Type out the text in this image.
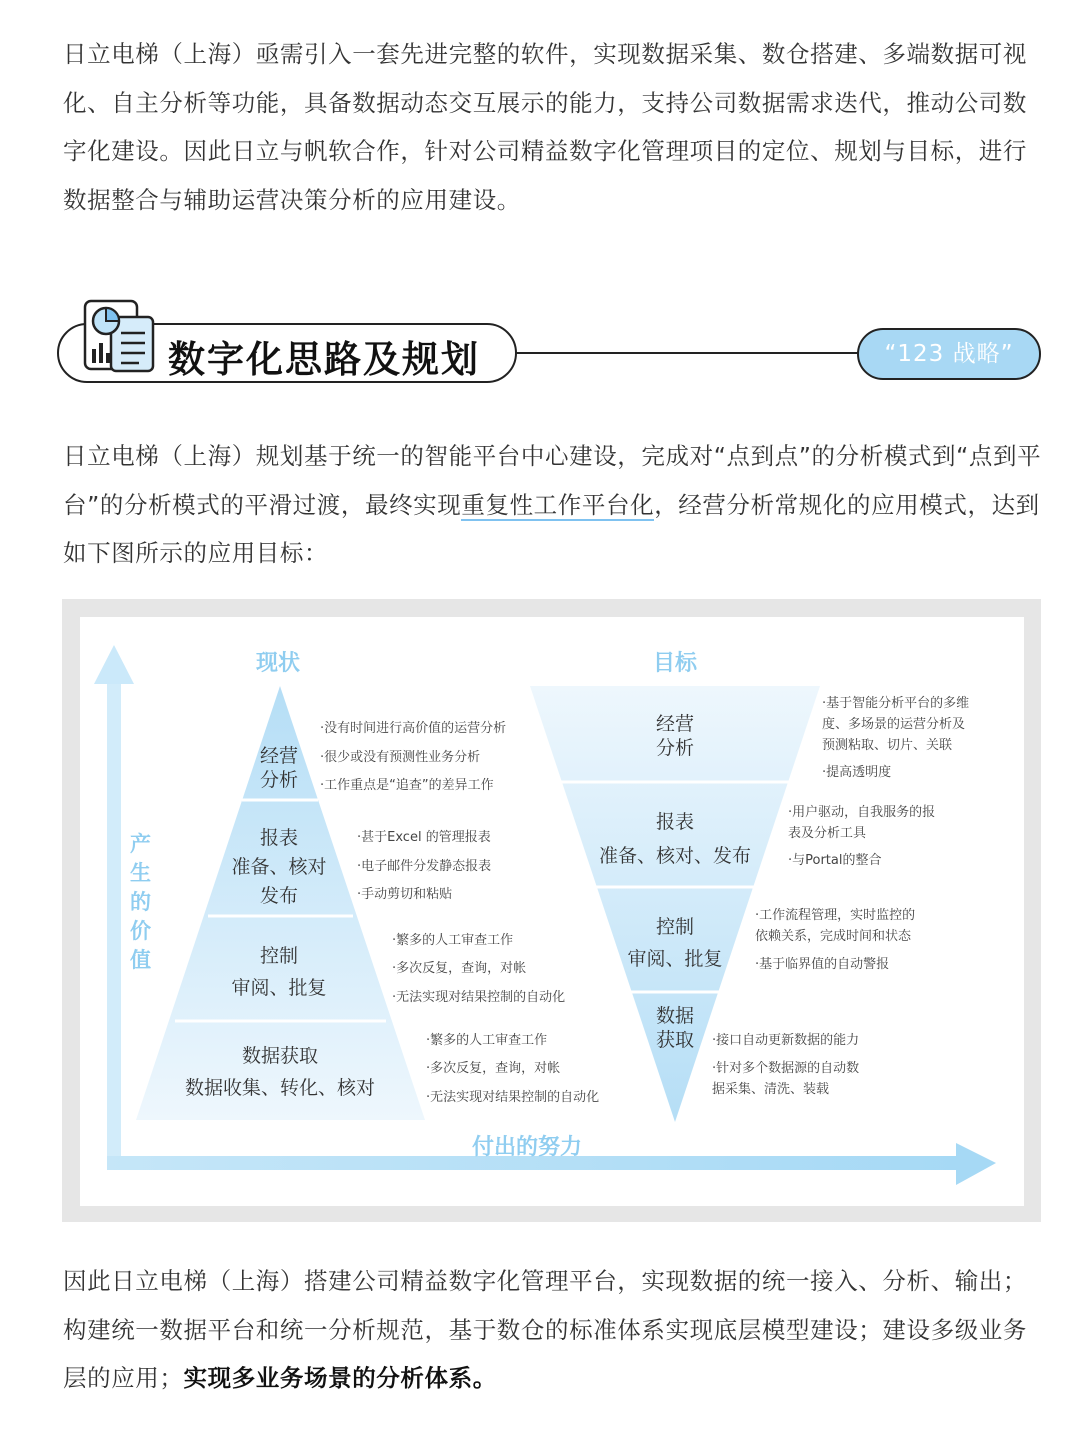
日立电梯（上海）亟需引入一套先进完整的软件，实现数据采集、数仓搭建、多端数据可视化、自主分析等功能，具备数据动态交互展示的能力，支持公司数据需求迭代，推动公司数字化建设。因此日立与帆软合作，针对公司精益数字化管理项目的定位、规划与目标，进行数据整合与辅助运营决策分析的应用建设。

数字化思路及规划	“123 战略”

日立电梯（上海）规划基于统一的智能平台中心建设，完成对“点到点”的分析模式到“点到平台”的分析模式的平滑过渡，最终实现重复性工作平台化，经营分析常规化的应用模式，达到如下图所示的应用目标：

产生的价值
付出的努力
现状	目标
经营
分析
·没有时间进行高价值的运营分析
·很少或没有预测性业务分析
·工作重点是“追查”的差异工作
报表
准备、核对
发布
·甚于Excel 的管理报表
·电子邮件分发静态报表
·手动剪切和粘贴
控制
审阅、批复
·繁多的人工审查工作
·多次反复，查询，对帐
·无法实现对结果控制的自动化
数据获取
数据收集、转化、核对
·繁多的人工审查工作
·多次反复，查询，对帐
·无法实现对结果控制的自动化
经营
分析
·基于智能分析平台的多维
度、多场景的运营分析及
预测粘取、切片、关联
·提高透明度
报表
准备、核对、发布
·用户驱动，自我服务的报
表及分析工具
·与Portal的整合
控制
审阅、批复
·工作流程管理，实时监控的
依赖关系，完成时间和状态
·基于临界值的自动警报
数据
获取	·接口自动更新数据的能力
·针对多个数据源的自动数
据采集、清洗、装载

因此日立电梯（上海）搭建公司精益数字化管理平台，实现数据的统一接入、分析、输出；构建统一数据平台和统一分析规范，基于数仓的标准体系实现底层模型建设；建设多级业务层的应用；实现多业务场景的分析体系。
